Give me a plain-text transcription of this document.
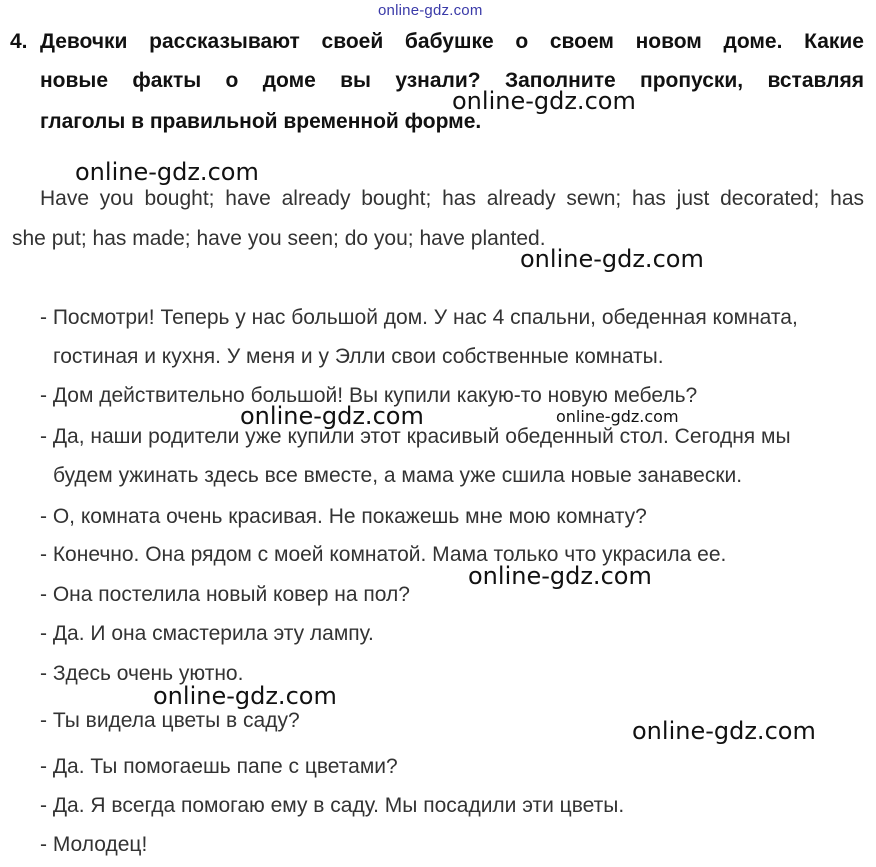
online-gdz.com
4. Девочки рассказывают своей бабушке о своем новом доме. Какие
новые факты о доме вы узнали? Заполните пропуски, вставляя
глаголы в правильной временной форме.
Have you bought; have already bought; has already sewn; has just decorated; has
she put; has made; have you seen; do you; have planted.
- Посмотри! Теперь у нас большой дом. У нас 4 спальни, обеденная комната,
гостиная и кухня. У меня и у Элли свои собственные комнаты.
- Дом действительно большой! Вы купили какую-то новую мебель?
- Да, наши родители уже купили этот красивый обеденный стол. Сегодня мы
будем ужинать здесь все вместе, а мама уже сшила новые занавески.
- О, комната очень красивая. Не покажешь мне мою комнату?
- Конечно. Она рядом с моей комнатой. Мама только что украсила ее.
- Она постелила новый ковер на пол?
- Да. И она смастерила эту лампу.
- Здесь очень уютно.
- Ты видела цветы в саду?
- Да. Ты помогаешь папе с цветами?
- Да. Я всегда помогаю ему в саду. Мы посадили эти цветы.
- Молодец!
online-gdz.com
online-gdz.com
online-gdz.com
online-gdz.com	online-gdz.com
online-gdz.com
online-gdz.com
online-gdz.com
